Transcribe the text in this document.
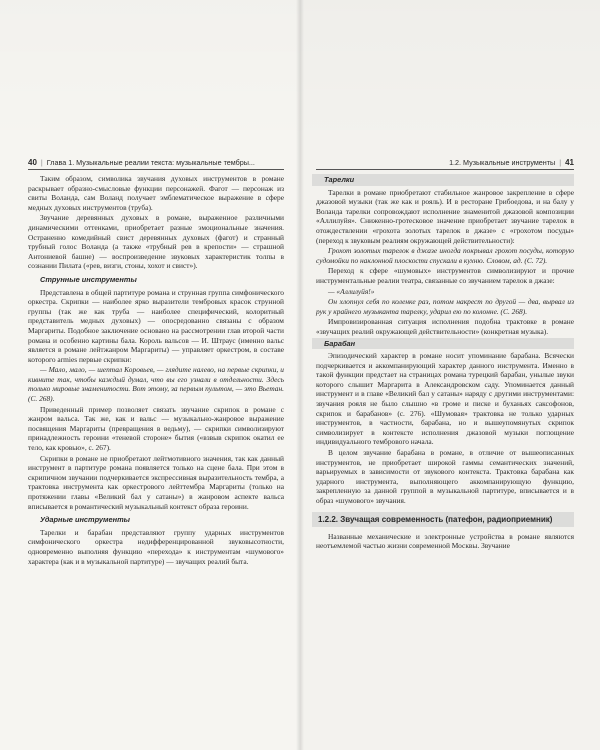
40 | Глава 1. Музыкальные реалии текста: музыкальные тембры...

Таким образом, символика звучания духовых инструментов в романе раскрывает образно-смысловые функции персонажей. Фагот — персонаж из свиты Воланда, сам Воланд получает эмблематическое выражение в сфере медных духовых инструментов (труба).

Звучание деревянных духовых в романе, выраженное различными динамическими оттенками, приобретает разные эмоциональные значения. Остраненно комедийный свист деревянных духовых (фагот) и странный трубный голос Воланда (а также «трубный рев в крепости» — страшной Антониевой башне) — воспроизведение звуковых характеристик толпы в сознании Пилата («рев, визги, стоны, хохот и свист»).

Струнные инструменты

Представлена в общей партитуре романа и струнная группа симфонического оркестра. Скрипки — наиболее ярко выразители тембровых красок струнной группы (так же как труба — наиболее специфический, колоритный представитель медных духовых) — опосредованно связаны с образом Маргариты. Подобное заключение основано на рассмотрении глав второй части романа и особенно картины бала. Король вальсов — И. Штраус (именно вальс является в романе лейтжанром Маргариты) — управляет оркестром, в составе которого armies первые скрипки:

— Мало, мало, — шептал Коровьев, — глядите налево, на первые скрипки, и кивните так, чтобы каждый думал, что вы его узнали в отдельности. Здесь только мировые знаменитости. Вот этому, за первым пультом, — это Вьетан. (С. 268).

Приведенный пример позволяет связать звучание скрипок в романе с жанром вальса. Так же, как и вальс — музыкально-жанровое выражение посвящения Маргариты (превращения в ведьму), — скрипки символизируют принадлежность героини «теневой стороне» бытия («взвыв скрипок окатил ее тело, как кровью», с. 267).

Скрипки в романе не приобретают лейтмотивного значения, так как данный инструмент в партитуре романа появляется только на сцене бала. При этом в скрипичном звучании подчеркивается экспрессивная выразительность тембра, а трактовка инструмента как оркестрового лейттембра Маргариты (только на протяжении главы «Великий бал у сатаны») в жанровом аспекте вальса вписывается в романтический музыкальный контекст образа героини.

Ударные инструменты

Тарелки и барабан представляют группу ударных инструментов симфонического оркестра недифференцированной звуковысотности, одновременно выполняя функцию «перехода» к инструментам «шумового» характера (как и в музыкальной партитуре) — звучащих реалий быта.

1.2. Музыкальные инструменты | 41
Тарелки

Тарелки в романе приобретают стабильное жанровое закрепление в сфере джазовой музыки (так же как и рояль). И в ресторане Грибоедова, и на балу у Воланда тарелки сопровождают исполнение знаменитой джазовой композиции «Аллилуйя». Сниженно-гротесковое значение приобретает звучание тарелок в отождествлении «грохота золотых тарелок в джазе» с «грохотом посуды» (переход к звуковым реалиям окружающей действительности):

Грохот золотых тарелок в джазе иногда покрывал грохот посуды, которую судомойки по наклонной плоскости спускали в кухню. Словом, ад. (С. 72).

Переход к сфере «шумовых» инструментов символизируют и прочие инструментальные реалии театра, связанные со звучанием тарелок в джазе:

— «Аллилуйя!»

Он хлопнул себя по коленке раз, потом накрест по другой — два, вырвал из рук у крайнего музыканта тарелку, ударил ею по колонне. (С. 268).

Импровизированная ситуация исполнения подобна трактовке в романе «звучащих реалий окружающей действительности» (конкретная музыка).

Барабан

Эпизодический характер в романе носит упоминание барабана. Всячески подчеркивается и аккомпанирующий характер данного инструмента. Именно в такой функции предстает на страницах романа турецкий барабан, унылые звуки которого слышит Маргарита в Александровском саду. Упоминается данный инструмент и в главе «Великий бал у сатаны» наряду с другими инструментами: звучания рояля не было слышно «в громе и писке и буханьях саксофонов, скрипок и барабанов» (с. 276). «Шумовая» трактовка не только ударных инструментов, в частности, барабана, но и вышеупомянутых скрипок символизирует в контексте исполнения джазовой музыки поглощение индивидуального тембрового начала.

В целом звучание барабана в романе, в отличие от вышеописанных инструментов, не приобретает широкой гаммы семантических значений, варьируемых в зависимости от звукового контекста. Трактовка барабана как ударного инструмента, выполняющего аккомпанирующую функцию, закрепленную за данной группой в музыкальной партитуре, вписывается и в образ «шумового» звучания.

1.2.2. Звучащая современность (патефон, радиоприемник)

Названные механические и электронные устройства в романе являются неотъемлемой частью жизни современной Москвы. Звучание
